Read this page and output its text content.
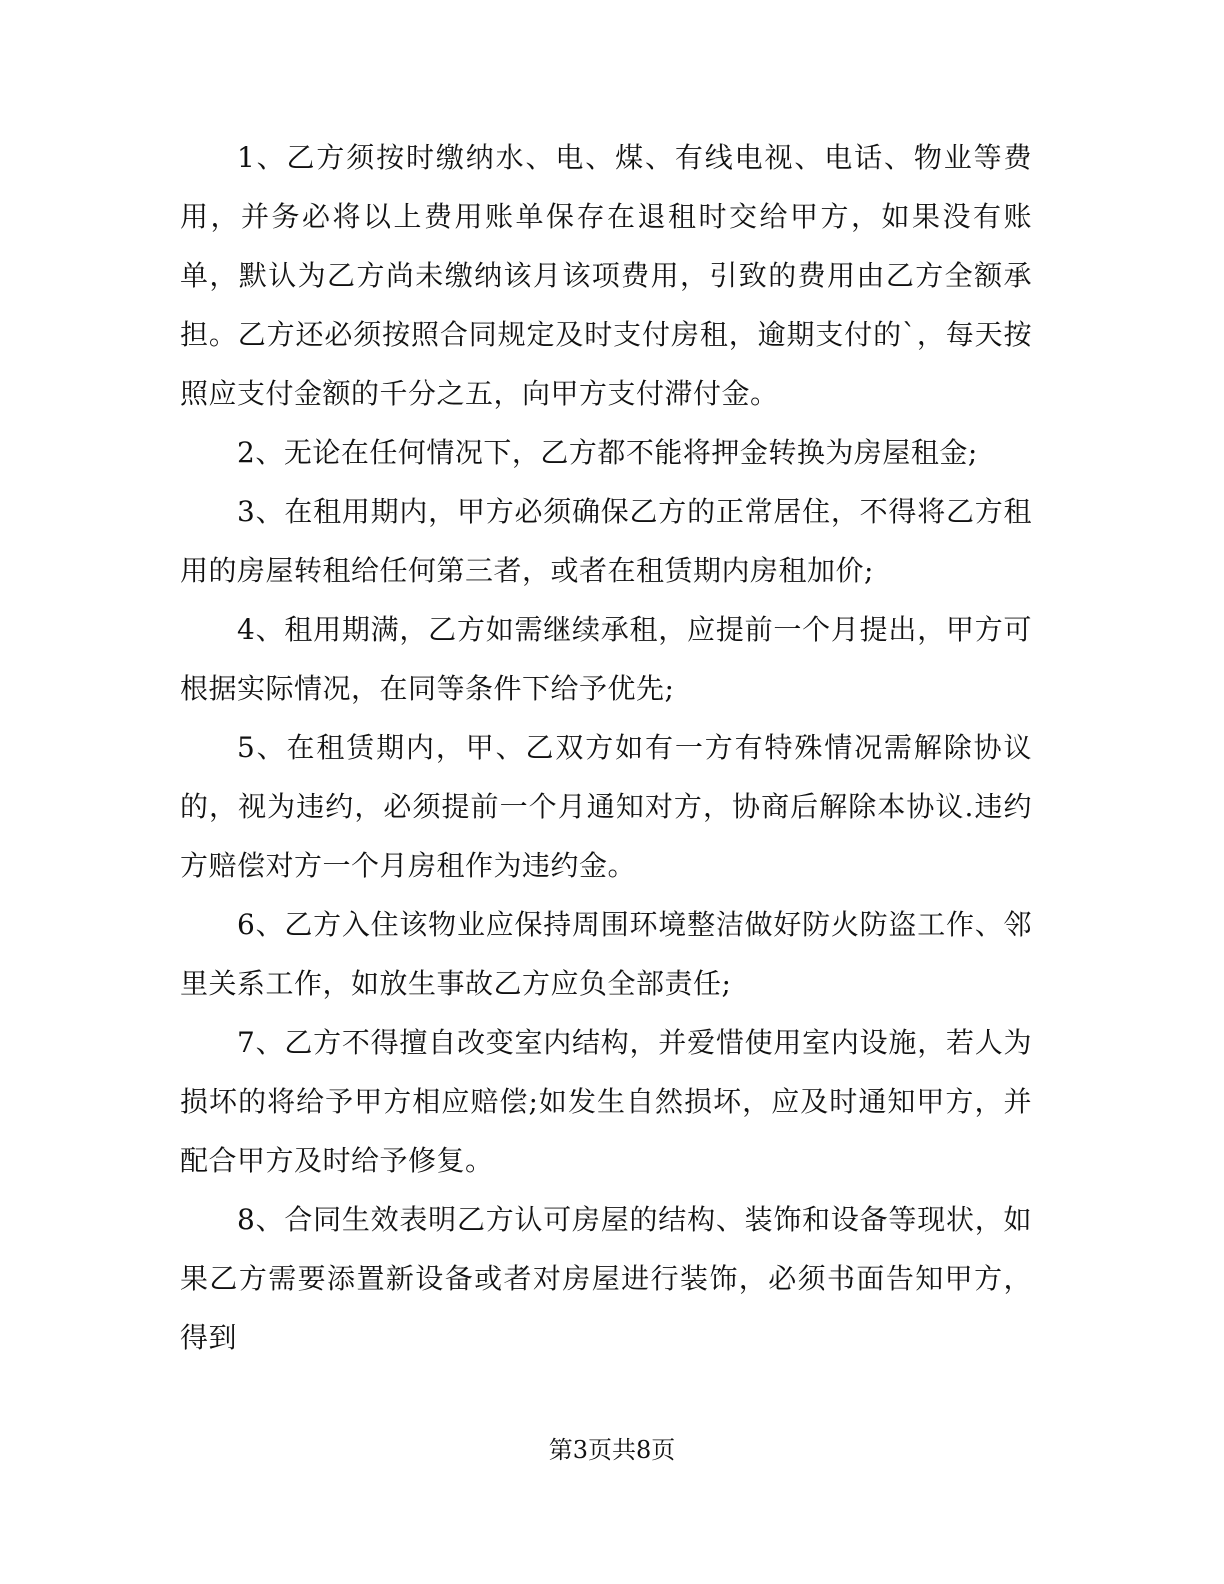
1、乙方须按时缴纳水、电、煤、有线电视、电话、物业等费用，并务必将以上费用账单保存在退租时交给甲方，如果没有账单，默认为乙方尚未缴纳该月该项费用，引致的费用由乙方全额承担。乙方还必须按照合同规定及时支付房租，逾期支付的`，每天按照应支付金额的千分之五，向甲方支付滞付金。

2、无论在任何情况下，乙方都不能将押金转换为房屋租金;

3、在租用期内，甲方必须确保乙方的正常居住，不得将乙方租用的房屋转租给任何第三者，或者在租赁期内房租加价;

4、租用期满，乙方如需继续承租，应提前一个月提出，甲方可根据实际情况，在同等条件下给予优先;

5、在租赁期内，甲、乙双方如有一方有特殊情况需解除协议的，视为违约，必须提前一个月通知对方，协商后解除本协议.违约方赔偿对方一个月房租作为违约金。

6、乙方入住该物业应保持周围环境整洁做好防火防盗工作、邻里关系工作，如放生事故乙方应负全部责任;

7、乙方不得擅自改变室内结构，并爱惜使用室内设施，若人为损坏的将给予甲方相应赔偿;如发生自然损坏，应及时通知甲方，并配合甲方及时给予修复。

8、合同生效表明乙方认可房屋的结构、装饰和设备等现状，如果乙方需要添置新设备或者对房屋进行装饰，必须书面告知甲方，得到

第3页共8页
